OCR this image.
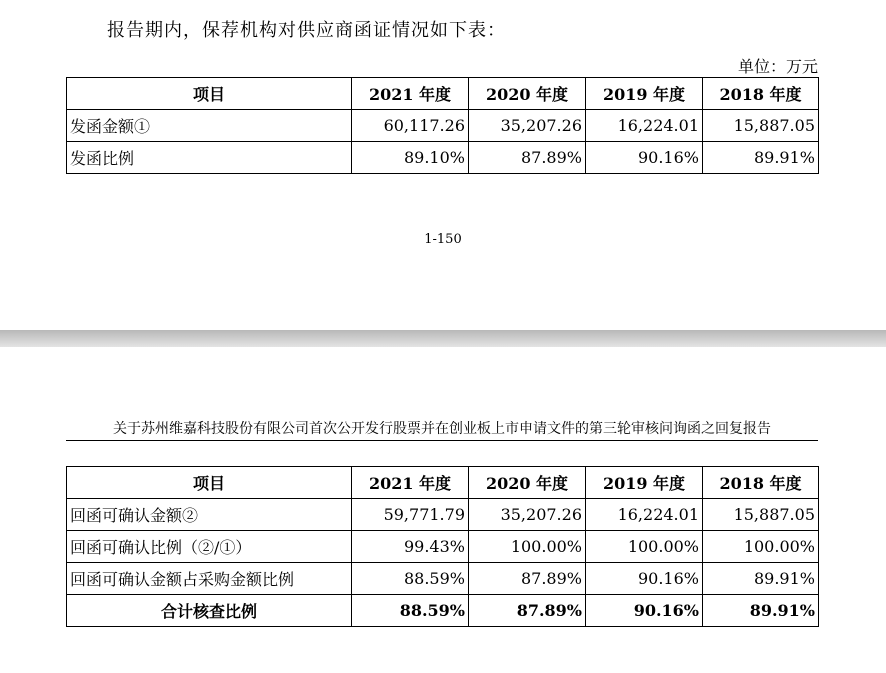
报告期内，保荐机构对供应商函证情况如下表：
单位：万元
项目	2021 年度	2020 年度	2019 年度	2018 年度
发函金额①	60,117.26	35,207.26	16,224.01	15,887.05
发函比例	89.10%	87.89%	90.16%	89.91%
1-150
关于苏州维嘉科技股份有限公司首次公开发行股票并在创业板上市申请文件的第三轮审核问询函之回复报告
项目	2021 年度	2020 年度	2019 年度	2018 年度
回函可确认金额②	59,771.79	35,207.26	16,224.01	15,887.05
回函可确认比例（②/①）	99.43%	100.00%	100.00%	100.00%
回函可确认金额占采购金额比例	88.59%	87.89%	90.16%	89.91%
合计核查比例	88.59%	87.89%	90.16%	89.91%
